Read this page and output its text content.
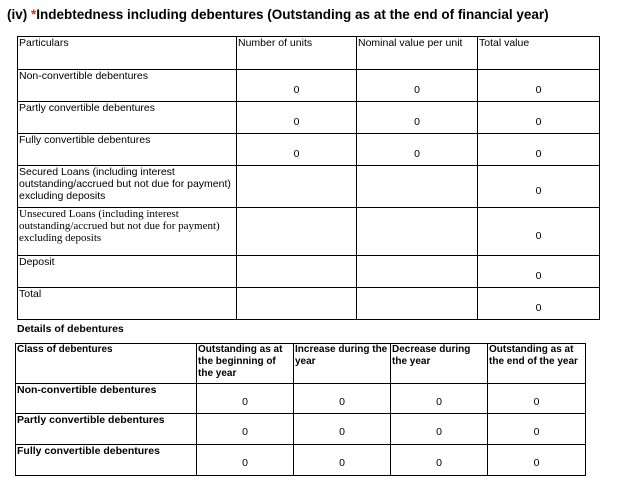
(iv) *Indebtedness including debentures (Outstanding as at the end of financial year)
Particulars	Number of units	Nominal value per unit	Total value
Non-convertible debentures	0	0	0
Partly convertible debentures	0	0	0
Fully convertible debentures	0	0	0
Secured Loans (including interest outstanding/accrued but not due for payment) excluding deposits			0
Unsecured Loans (including interest outstanding/accrued but not due for payment) excluding deposits			0
Deposit			0
Total			0
Details of debentures
Class of debentures	Outstanding as at the beginning of the year	Increase during the year	Decrease during the year	Outstanding as at the end of the year
Non-convertible debentures	0	0	0	0
Partly convertible debentures	0	0	0	0
Fully convertible debentures	0	0	0	0
